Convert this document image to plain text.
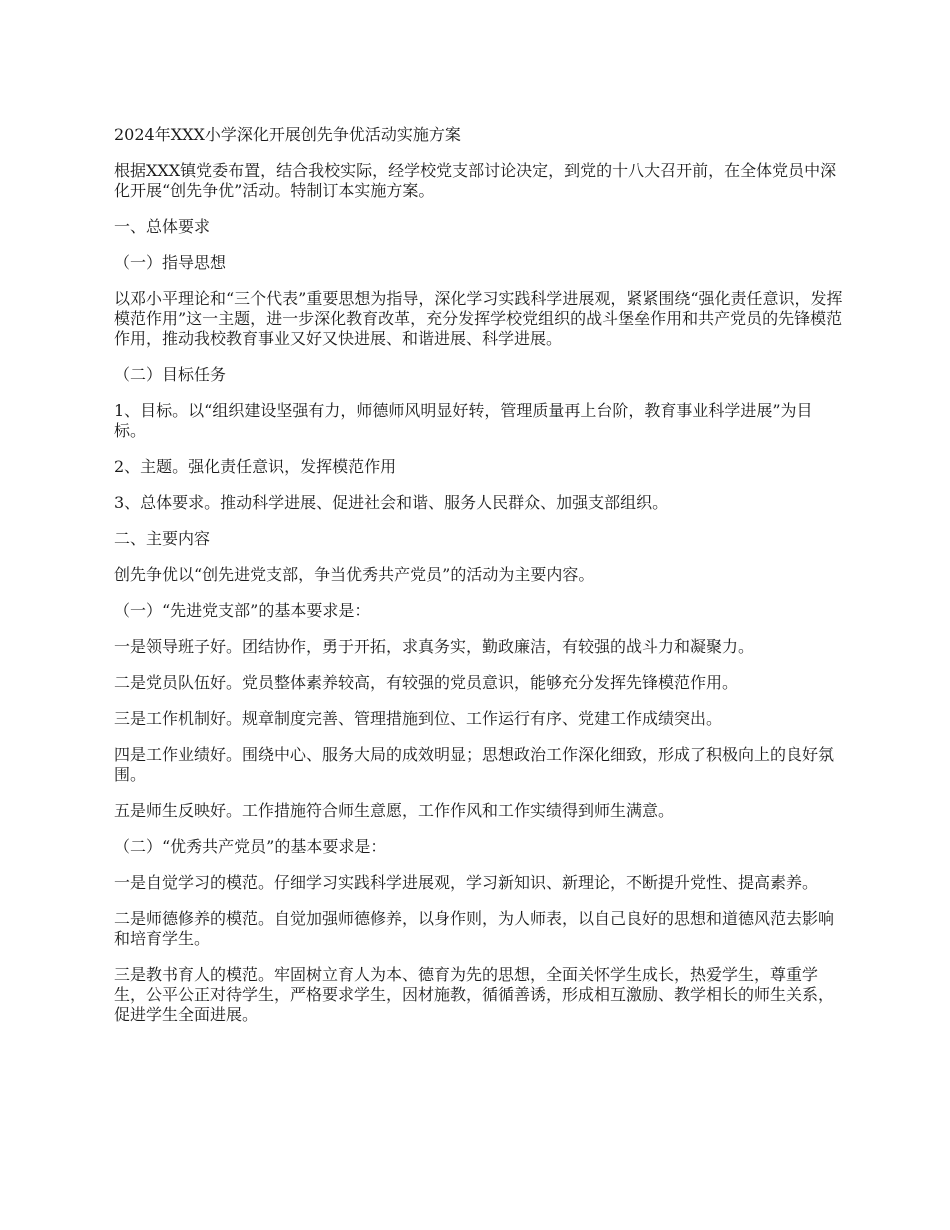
2024年XXX小学深化开展创先争优活动实施方案

根据XXX镇党委布置，结合我校实际，经学校党支部讨论决定，到党的十八大召开前，在全体党员中深化开展“创先争优”活动。特制订本实施方案。

一、总体要求

（一）指导思想

以邓小平理论和“三个代表”重要思想为指导，深化学习实践科学进展观，紧紧围绕“强化责任意识，发挥模范作用”这一主题，进一步深化教育改革，充分发挥学校党组织的战斗堡垒作用和共产党员的先锋模范作用，推动我校教育事业又好又快进展、和谐进展、科学进展。

（二）目标任务

1、目标。以“组织建设坚强有力，师德师风明显好转，管理质量再上台阶，教育事业科学进展”为目标。

2、主题。强化责任意识，发挥模范作用

3、总体要求。推动科学进展、促进社会和谐、服务人民群众、加强支部组织。

二、主要内容

创先争优以“创先进党支部，争当优秀共产党员”的活动为主要内容。

（一）“先进党支部”的基本要求是：

一是领导班子好。团结协作，勇于开拓，求真务实，勤政廉洁，有较强的战斗力和凝聚力。

二是党员队伍好。党员整体素养较高，有较强的党员意识，能够充分发挥先锋模范作用。

三是工作机制好。规章制度完善、管理措施到位、工作运行有序、党建工作成绩突出。

四是工作业绩好。围绕中心、服务大局的成效明显；思想政治工作深化细致，形成了积极向上的良好氛围。

五是师生反映好。工作措施符合师生意愿，工作作风和工作实绩得到师生满意。

（二）“优秀共产党员”的基本要求是：

一是自觉学习的模范。仔细学习实践科学进展观，学习新知识、新理论，不断提升党性、提高素养。

二是师德修养的模范。自觉加强师德修养，以身作则，为人师表，以自己良好的思想和道德风范去影响和培育学生。

三是教书育人的模范。牢固树立育人为本、德育为先的思想，全面关怀学生成长，热爱学生，尊重学生，公平公正对待学生，严格要求学生，因材施教，循循善诱，形成相互激励、教学相长的师生关系，促进学生全面进展。
